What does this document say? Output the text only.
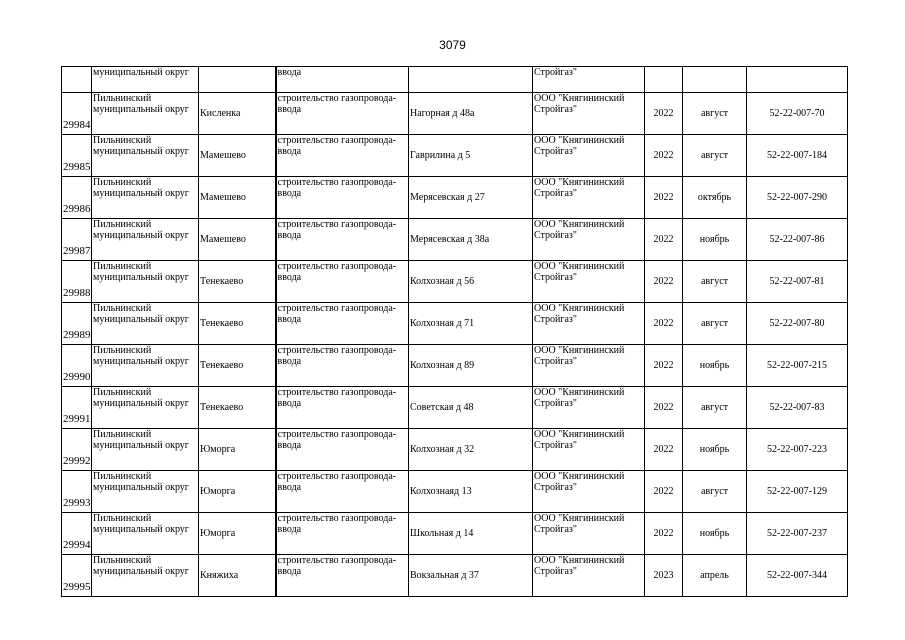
3079
	муниципальный округ		ввода		Стройгаз"			
29984	Пильнинский
муниципальный округ	Кисленка	строительство газопровода-
ввода	Нагорная д 48а	ООО "Княгининский
Стройгаз"	2022	август	52-22-007-70
29985	Пильнинский
муниципальный округ	Мамешево	строительство газопровода-
ввода	Гаврилина д 5	ООО "Княгининский
Стройгаз"	2022	август	52-22-007-184
29986	Пильнинский
муниципальный округ	Мамешево	строительство газопровода-
ввода	Мерясевская д 27	ООО "Княгининский
Стройгаз"	2022	октябрь	52-22-007-290
29987	Пильнинский
муниципальный округ	Мамешево	строительство газопровода-
ввода	Мерясевская д 38а	ООО "Княгининский
Стройгаз"	2022	ноябрь	52-22-007-86
29988	Пильнинский
муниципальный округ	Тенекаево	строительство газопровода-
ввода	Колхозная д 56	ООО "Княгининский
Стройгаз"	2022	август	52-22-007-81
29989	Пильнинский
муниципальный округ	Тенекаево	строительство газопровода-
ввода	Колхозная д 71	ООО "Княгининский
Стройгаз"	2022	август	52-22-007-80
29990	Пильнинский
муниципальный округ	Тенекаево	строительство газопровода-
ввода	Колхозная д 89	ООО "Княгининский
Стройгаз"	2022	ноябрь	52-22-007-215
29991	Пильнинский
муниципальный округ	Тенекаево	строительство газопровода-
ввода	Советская д 48	ООО "Княгининский
Стройгаз"	2022	август	52-22-007-83
29992	Пильнинский
муниципальный округ	Юморга	строительство газопровода-
ввода	Колхозная д 32	ООО "Княгининский
Стройгаз"	2022	ноябрь	52-22-007-223
29993	Пильнинский
муниципальный округ	Юморга	строительство газопровода-
ввода	Колхознаяд 13	ООО "Княгининский
Стройгаз"	2022	август	52-22-007-129
29994	Пильнинский
муниципальный округ	Юморга	строительство газопровода-
ввода	Школьная д 14	ООО "Княгининский
Стройгаз"	2022	ноябрь	52-22-007-237
29995	Пильнинский
муниципальный округ	Княжиха	строительство газопровода-
ввода	Вокзальная д 37	ООО "Княгининский
Стройгаз"	2023	апрель	52-22-007-344
